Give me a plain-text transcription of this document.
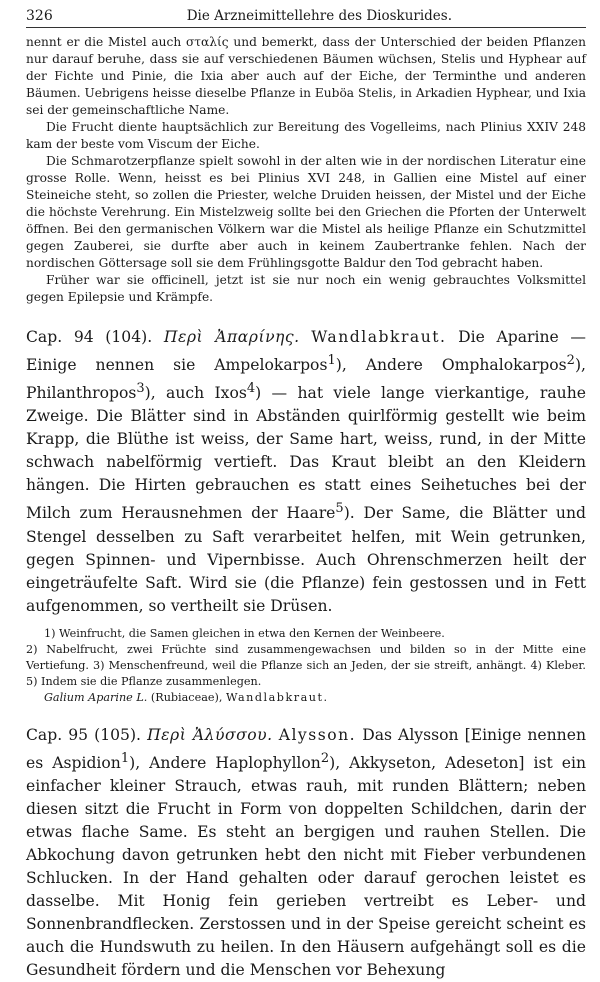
326	Die Arzneimittellehre des Dioskurides.

nennt er die Mistel auch σταλίς und bemerkt, dass der Unterschied der beiden Pflanzen nur darauf beruhe, dass sie auf verschiedenen Bäumen wüchsen, Stelis und Hyphear auf der Fichte und Pinie, die Ixia aber auch auf der Eiche, der Terminthe und anderen Bäumen. Uebrigens heisse dieselbe Pflanze in Euböa Stelis, in Arkadien Hyphear, und Ixia sei der gemeinschaftliche Name.

Die Frucht diente hauptsächlich zur Bereitung des Vogelleims, nach Plinius XXIV 248 kam der beste vom Viscum der Eiche.

Die Schmarotzerpflanze spielt sowohl in der alten wie in der nordischen Literatur eine grosse Rolle. Wenn, heisst es bei Plinius XVI 248, in Gallien eine Mistel auf einer Steineiche steht, so zollen die Priester, welche Druiden heissen, der Mistel und der Eiche die höchste Verehrung. Ein Mistelzweig sollte bei den Griechen die Pforten der Unterwelt öffnen. Bei den germanischen Völkern war die Mistel als heilige Pflanze ein Schutzmittel gegen Zauberei, sie durfte aber auch in keinem Zaubertranke fehlen. Nach der nordischen Göttersage soll sie dem Frühlingsgotte Baldur den Tod gebracht haben.

Früher war sie officinell, jetzt ist sie nur noch ein wenig gebrauchtes Volksmittel gegen Epilepsie und Krämpfe.

Cap. 94 (104). Περὶ Ἀπαρίνης. Wandlabkraut. Die Aparine — Einige nennen sie Ampelokarpos$^1$), Andere Omphalokarpos$^2$), Philanthropos$^3$), auch Ixos$^4$) — hat viele lange vierkantige, rauhe Zweige. Die Blätter sind in Abständen quirlförmig gestellt wie beim Krapp, die Blüthe ist weiss, der Same hart, weiss, rund, in der Mitte schwach nabelförmig vertieft. Das Kraut bleibt an den Kleidern hängen. Die Hirten gebrauchen es statt eines Seihetuches bei der Milch zum Herausnehmen der Haare$^5$). Der Same, die Blätter und Stengel desselben zu Saft verarbeitet helfen, mit Wein getrunken, gegen Spinnen- und Vipernbisse. Auch Ohrenschmerzen heilt der eingeträufelte Saft. Wird sie (die Pflanze) fein gestossen und in Fett aufgenommen, so vertheilt sie Drüsen.

1) Weinfrucht, die Samen gleichen in etwa den Kernen der Weinbeere.

2) Nabelfrucht, zwei Früchte sind zusammengewachsen und bilden so in der Mitte eine Vertiefung. 3) Menschenfreund, weil die Pflanze sich an Jeden, der sie streift, anhängt. 4) Kleber. 5) Indem sie die Pflanze zusammenlegen.

Galium Aparine L. (Rubiaceae), Wandlabkraut.

Cap. 95 (105). Περὶ Ἀλύσσου. Alysson. Das Alysson [Einige nennen es Aspidion$^1$), Andere Haplophyllon$^2$), Akkyseton, Adeseton] ist ein einfacher kleiner Strauch, etwas rauh, mit runden Blättern; neben diesen sitzt die Frucht in Form von doppelten Schildchen, darin der etwas flache Same. Es steht an bergigen und rauhen Stellen. Die Abkochung davon getrunken hebt den nicht mit Fieber verbundenen Schlucken. In der Hand gehalten oder darauf gerochen leistet es dasselbe. Mit Honig fein gerieben vertreibt es Leber- und Sonnenbrandflecken. Zerstossen und in der Speise gereicht scheint es auch die Hundswuth zu heilen. In den Häusern aufgehängt soll es die Gesundheit fördern und die Menschen vor Behexung
